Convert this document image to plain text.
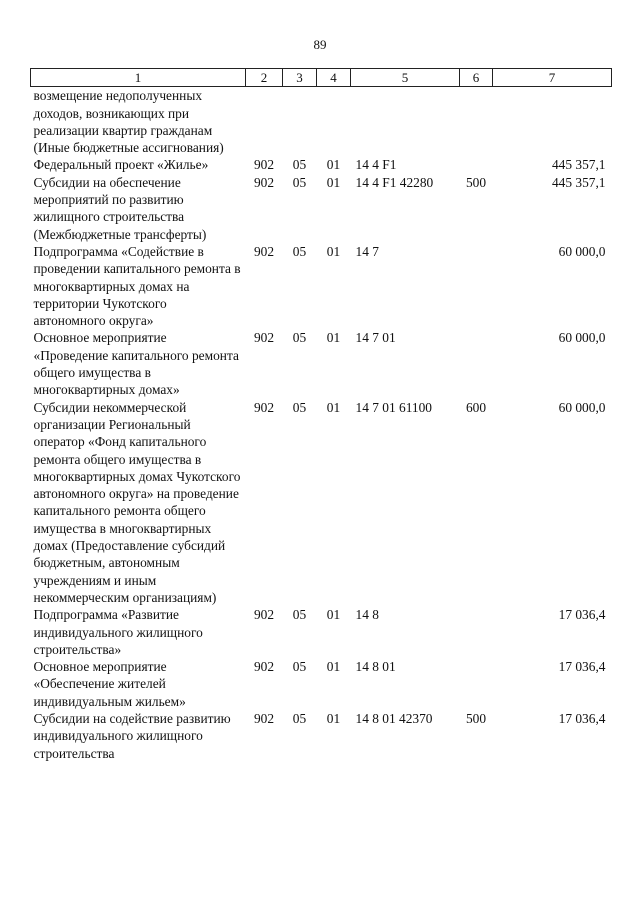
89
1	2	3	4	5	6	7
возмещение недополученных доходов, возникающих при реализации квартир гражданам (Иные бюджетные ассигнования)						
Федеральный проект «Жилье»	902	05	01	14 4 F1		445 357,1
Субсидии на обеспечение мероприятий по развитию жилищного строительства (Межбюджетные трансферты)	902	05	01	14 4 F1 42280	500	445 357,1
Подпрограмма «Содействие в проведении капитального ремонта в многоквартирных домах на территории Чукотского автономного округа»	902	05	01	14 7		60 000,0
Основное мероприятие «Проведение капитального ремонта общего имущества в многоквартирных домах»	902	05	01	14 7 01		60 000,0
Субсидии некоммерческой организации Региональный оператор «Фонд капитального ремонта общего имущества в многоквартирных домах Чукотского автономного округа» на проведение капитального ремонта общего имущества в многоквартирных домах (Предоставление субсидий бюджетным, автономным учреждениям и иным некоммерческим организациям)	902	05	01	14 7 01 61100	600	60 000,0
Подпрограмма «Развитие индивидуального жилищного строительства»	902	05	01	14 8		17 036,4
Основное мероприятие «Обеспечение жителей индивидуальным жильем»	902	05	01	14 8 01		17 036,4
Субсидии на содействие развитию индивидуального жилищного строительства	902	05	01	14 8 01 42370	500	17 036,4
